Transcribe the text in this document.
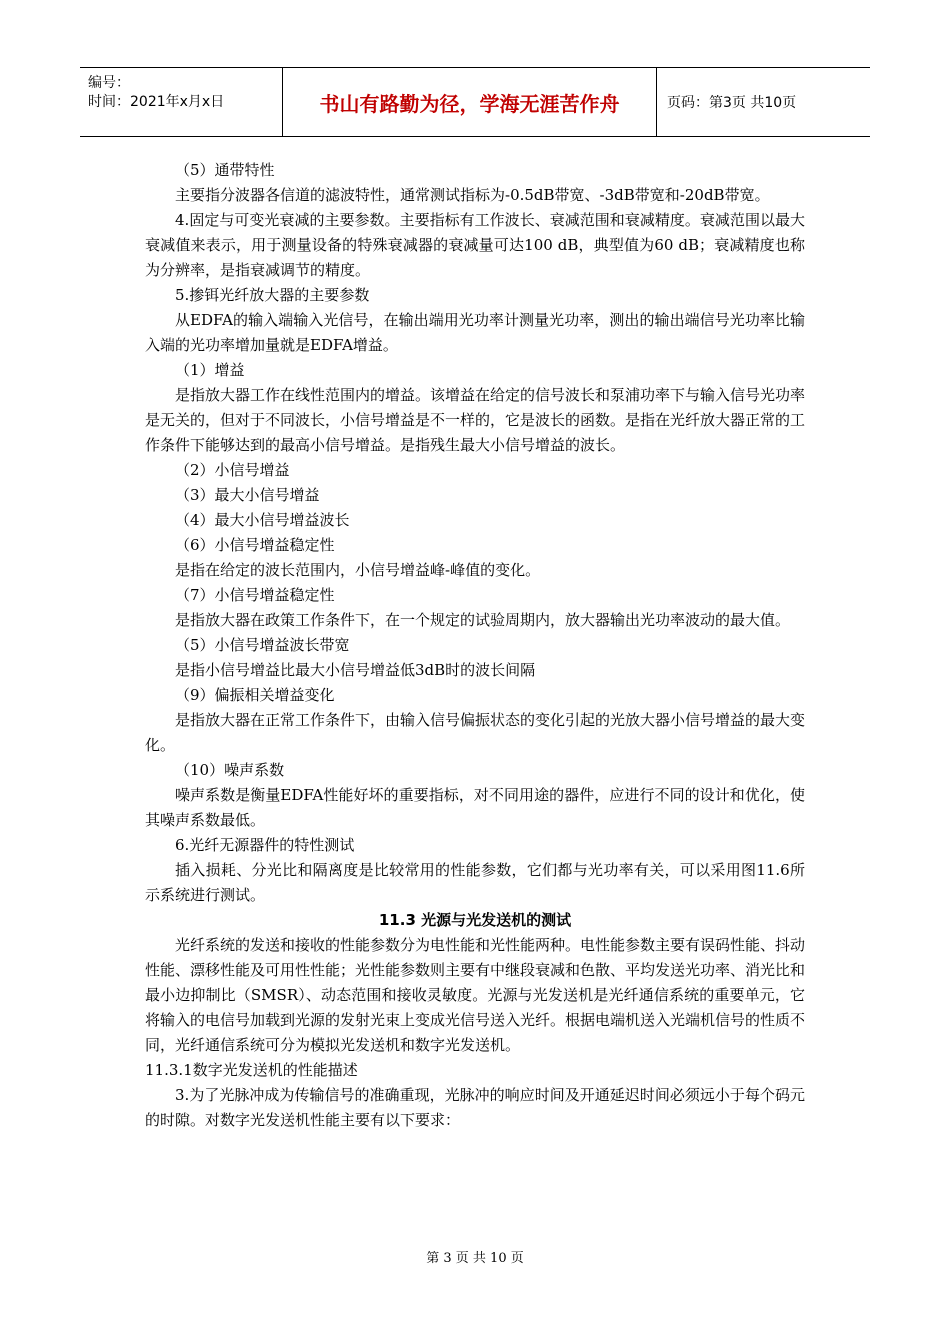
编号：
时间：2021年x月x日	书山有路勤为径，学海无涯苦作舟	页码：第3页 共10页

（5）通带特性

主要指分波器各信道的滤波特性，通常测试指标为-0.5dB带宽、-3dB带宽和-20dB带宽。

4.固定与可变光衰减的主要参数。主要指标有工作波长、衰减范围和衰减精度。衰减范围以最大衰减值来表示，用于测量设备的特殊衰减器的衰减量可达100 dB，典型值为60 dB；衰减精度也称为分辨率，是指衰减调节的精度。

5.掺铒光纤放大器的主要参数

从EDFA的输入端输入光信号，在输出端用光功率计测量光功率，测出的输出端信号光功率比输入端的光功率增加量就是EDFA增益。

（1）增益

是指放大器工作在线性范围内的增益。该增益在给定的信号波长和泵浦功率下与输入信号光功率是无关的，但对于不同波长，小信号增益是不一样的，它是波长的函数。是指在光纤放大器正常的工作条件下能够达到的最高小信号增益。是指残生最大小信号增益的波长。

（2）小信号增益

（3）最大小信号增益

（4）最大小信号增益波长

（6）小信号增益稳定性

是指在给定的波长范围内，小信号增益峰-峰值的变化。

（7）小信号增益稳定性

是指放大器在政策工作条件下，在一个规定的试验周期内，放大器输出光功率波动的最大值。

（5）小信号增益波长带宽

是指小信号增益比最大小信号增益低3dB时的波长间隔

（9）偏振相关增益变化

是指放大器在正常工作条件下，由输入信号偏振状态的变化引起的光放大器小信号增益的最大变化。

（10）噪声系数

噪声系数是衡量EDFA性能好坏的重要指标，对不同用途的器件，应进行不同的设计和优化，使其噪声系数最低。

6.光纤无源器件的特性测试

插入损耗、分光比和隔离度是比较常用的性能参数，它们都与光功率有关，可以采用图11.6所示系统进行测试。

11.3 光源与光发送机的测试

光纤系统的发送和接收的性能参数分为电性能和光性能两种。电性能参数主要有误码性能、抖动性能、漂移性能及可用性性能；光性能参数则主要有中继段衰减和色散、平均发送光功率、消光比和最小边抑制比（SMSR）、动态范围和接收灵敏度。光源与光发送机是光纤通信系统的重要单元，它将输入的电信号加载到光源的发射光束上变成光信号送入光纤。根据电端机送入光端机信号的性质不同，光纤通信系统可分为模拟光发送机和数字光发送机。

11.3.1数字光发送机的性能描述

3.为了光脉冲成为传输信号的准确重现，光脉冲的响应时间及开通延迟时间必须远小于每个码元的时隙。对数字光发送机性能主要有以下要求：

第 3 页 共 10 页
